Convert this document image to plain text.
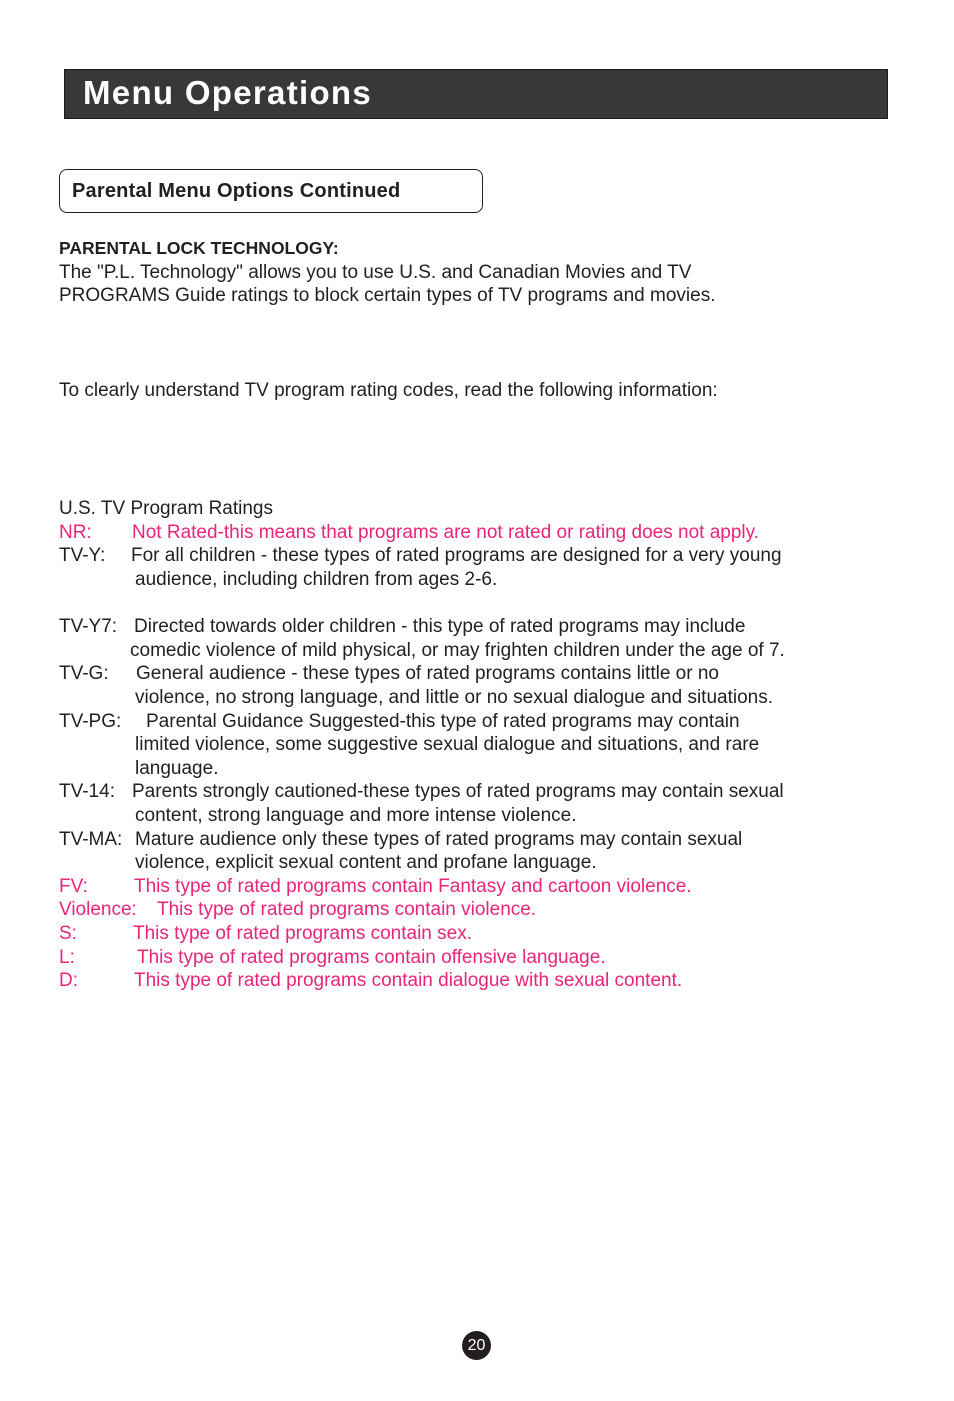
Menu Operations
Parental Menu Options Continued
PARENTAL LOCK TECHNOLOGY:
The "P.L. Technology" allows you to use U.S. and Canadian Movies and TV
PROGRAMS Guide ratings to block certain types of TV programs and movies.
To clearly understand TV program rating codes, read the following information:
U.S. TV Program Ratings
NR: Not Rated-this means that programs are not rated or rating does not apply.
TV-Y: For all children - these types of rated programs are designed for a very young
audience, including children from ages 2-6.
TV-Y7: Directed towards older children - this type of rated programs may include
comedic violence of mild physical, or may frighten children under the age of 7.
TV-G: General audience - these types of rated programs contains little or no
violence, no strong language, and little or no sexual dialogue and situations.
TV-PG: Parental Guidance Suggested-this type of rated programs may contain
limited violence, some suggestive sexual dialogue and situations, and rare
language.
TV-14: Parents strongly cautioned-these types of rated programs may contain sexual
content, strong language and more intense violence.
TV-MA: Mature audience only these types of rated programs may contain sexual
violence, explicit sexual content and profane language.
FV: This type of rated programs contain Fantasy and cartoon violence.
Violence: This type of rated programs contain violence.
S:	This type of rated programs contain sex.
L:	This type of rated programs contain offensive language.
D:	This type of rated programs contain dialogue with sexual content.
20
